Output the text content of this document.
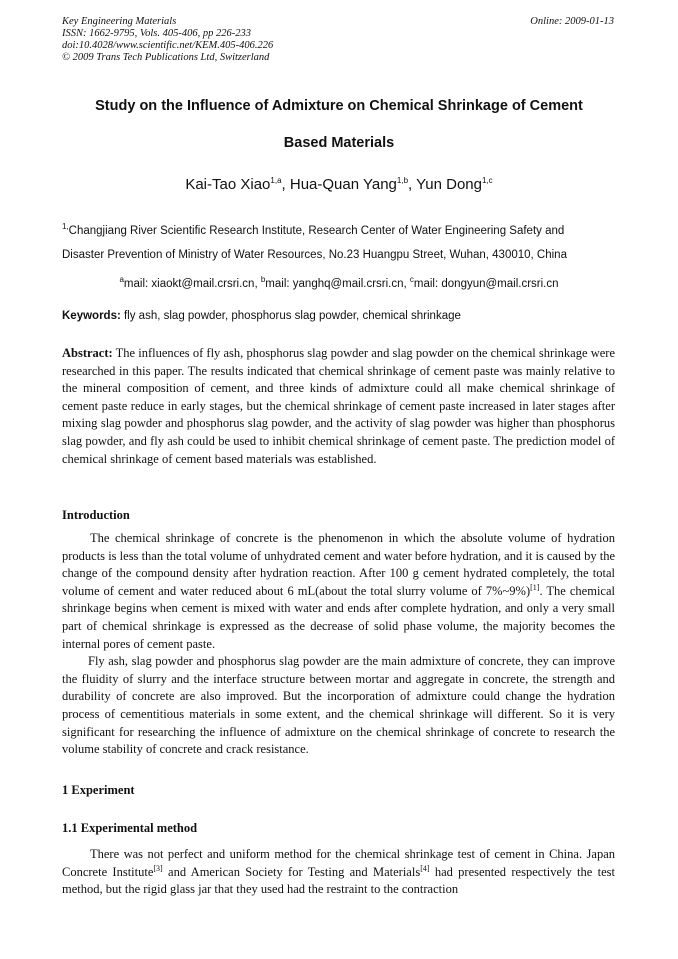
Key Engineering Materials
ISSN: 1662-9795, Vols. 405-406, pp 226-233
doi:10.4028/www.scientific.net/KEM.405-406.226
© 2009 Trans Tech Publications Ltd, Switzerland
Online: 2009-01-13
Study on the Influence of Admixture on Chemical Shrinkage of Cement
Based Materials
Kai-Tao Xiao$^{1,a}$, Hua-Quan Yang$^{1,b}$, Yun Dong$^{1,c}$
$^{1,}$Changjiang River Scientific Research Institute, Research Center of Water Engineering Safety and
Disaster Prevention of Ministry of Water Resources, No.23 Huangpu Street, Wuhan, 430010, China
$^a$mail: xiaokt@mail.crsri.cn, $^b$mail: yanghq@mail.crsri.cn, $^c$mail: dongyun@mail.crsri.cn
Keywords: fly ash, slag powder, phosphorus slag powder, chemical shrinkage
Abstract: The influences of fly ash, phosphorus slag powder and slag powder on the chemical shrinkage were researched in this paper. The results indicated that chemical shrinkage of cement paste was mainly relative to the mineral composition of cement, and three kinds of admixture could all make chemical shrinkage of cement paste reduce in early stages, but the chemical shrinkage of cement paste increased in later stages after mixing slag powder and phosphorus slag powder, and the activity of slag powder was higher than phosphorus slag powder, and fly ash could be used to inhibit chemical shrinkage of cement paste. The prediction model of chemical shrinkage of cement based materials was established.
Introduction

The chemical shrinkage of concrete is the phenomenon in which the absolute volume of hydration products is less than the total volume of unhydrated cement and water before hydration, and it is caused by the change of the compound density after hydration reaction. After 100 g cement hydrated completely, the total volume of cement and water reduced about 6 mL(about the total slurry volume of 7%~9%)[1]. The chemical shrinkage begins when cement is mixed with water and ends after complete hydration, and only a very small part of chemical shrinkage is expressed as the decrease of solid phase volume, the majority becomes the internal pores of cement paste.

Fly ash, slag powder and phosphorus slag powder are the main admixture of concrete, they can improve the fluidity of slurry and the interface structure between mortar and aggregate in concrete, the strength and durability of concrete are also improved. But the incorporation of admixture could change the hydration process of cementitious materials in some extent, and the chemical shrinkage will different. So it is very significant for researching the influence of admixture on the chemical shrinkage of concrete to research the volume stability of concrete and crack resistance.

1 Experiment
1.1 Experimental method

There was not perfect and uniform method for the chemical shrinkage test of cement in China. Japan Concrete Institute[3] and American Society for Testing and Materials[4] had presented respectively the test method, but the rigid glass jar that they used had the restraint to the contraction
